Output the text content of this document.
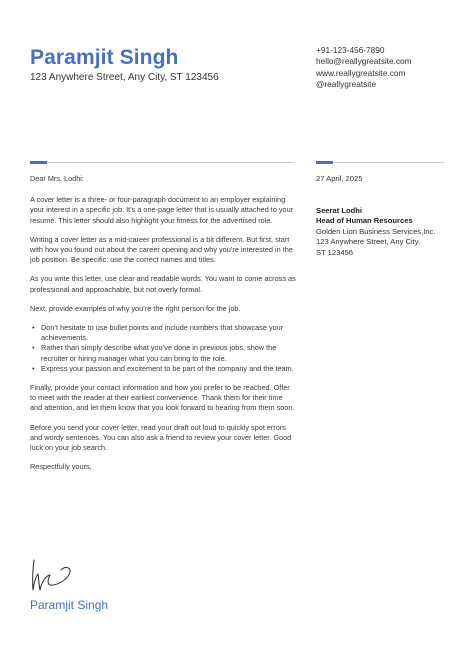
Paramjit Singh
123 Anywhere Street, Any City, ST 123456
+91-123-456-7890
hello@reallygreatsite.com
www.reallygreatsite.com
@reallygreatsite

Dear Mrs. Lodhi:

A cover letter is a three- or four-paragraph document to an employer explaining your interest in a specific job. It’s a one-page letter that is usually attached to your resume. This letter should also highlight your fitness for the advertised role.

Writing a cover letter as a mid-career professional is a bit different. But first, start with how you found out about the career opening and why you’re interested in the job position. Be specific: use the correct names and titles.

As you write this letter, use clear and readable words. You want to come across as professional and approachable, but not overly formal.

Next, provide examples of why you’re the right person for the job.

• Don’t hesitate to use bullet points and include numbers that showcase your achievements.
• Rather than simply describe what you’ve done in previous jobs, show the recruiter or hiring manager what you can bring to the role.
• Express your passion and excitement to be part of the company and the team.

Finally, provide your contact information and how you prefer to be reached. Offer to meet with the reader at their earliest convenience. Thank them for their time and attention, and let them know that you look forward to hearing from them soon.

Before you send your cover letter, read your draft out loud to quickly spot errors and wordy sentences. You can also ask a friend to review your cover letter. Good luck on your job search.

Respectfully yours,

27 April, 2025
Seerat Lodhi
Head of Human Resources
Golden Lion Business Services,Inc.
123 Anywhere Street, Any City,
ST 123456
Paramjit Singh
